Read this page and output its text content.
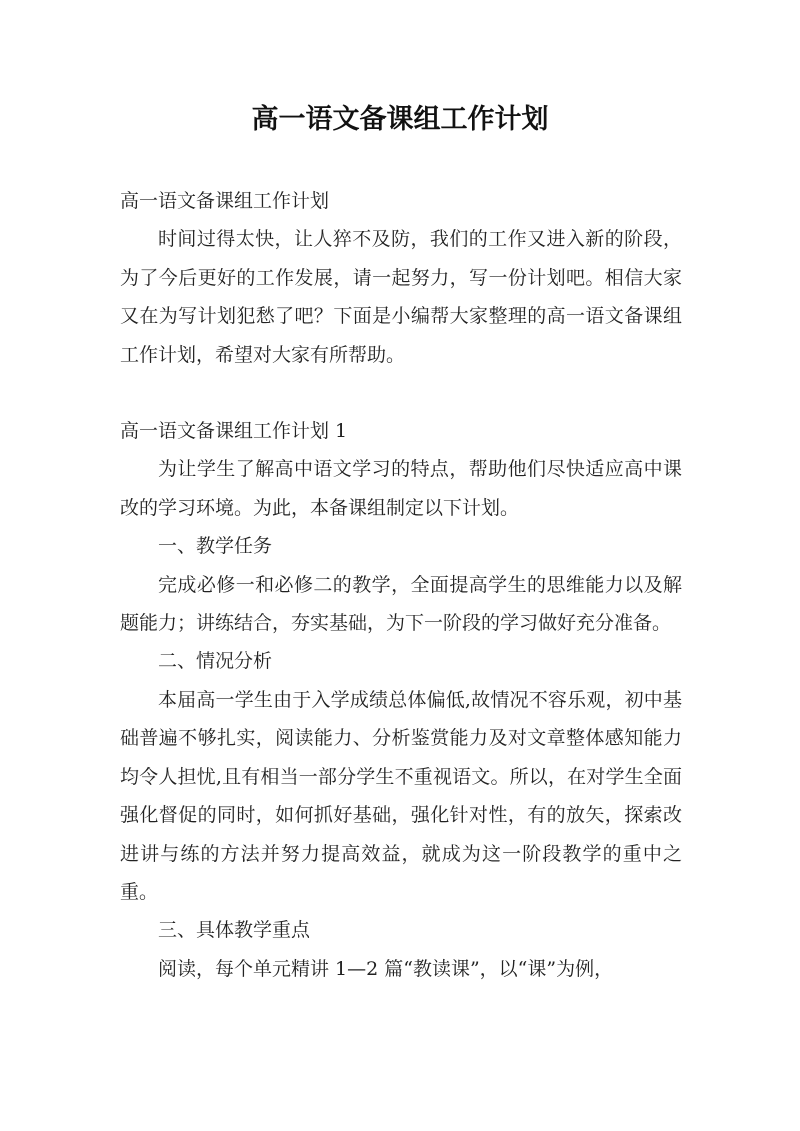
高一语文备课组工作计划

高一语文备课组工作计划

时间过得太快，让人猝不及防，我们的工作又进入新的阶段，为了今后更好的工作发展，请一起努力，写一份计划吧。相信大家又在为写计划犯愁了吧？下面是小编帮大家整理的高一语文备课组工作计划，希望对大家有所帮助。

高一语文备课组工作计划 1

为让学生了解高中语文学习的特点，帮助他们尽快适应高中课改的学习环境。为此，本备课组制定以下计划。

一、教学任务

完成必修一和必修二的教学，全面提高学生的思维能力以及解题能力；讲练结合，夯实基础，为下一阶段的学习做好充分准备。

二、情况分析

本届高一学生由于入学成绩总体偏低,故情况不容乐观，初中基础普遍不够扎实，阅读能力、分析鉴赏能力及对文章整体感知能力均令人担忧,且有相当一部分学生不重视语文。所以，在对学生全面强化督促的同时，如何抓好基础，强化针对性，有的放矢，探索改进讲与练的方法并努力提高效益，就成为这一阶段教学的重中之重。

三、具体教学重点

阅读，每个单元精讲 1—2 篇“教读课”，以“课”为例，
